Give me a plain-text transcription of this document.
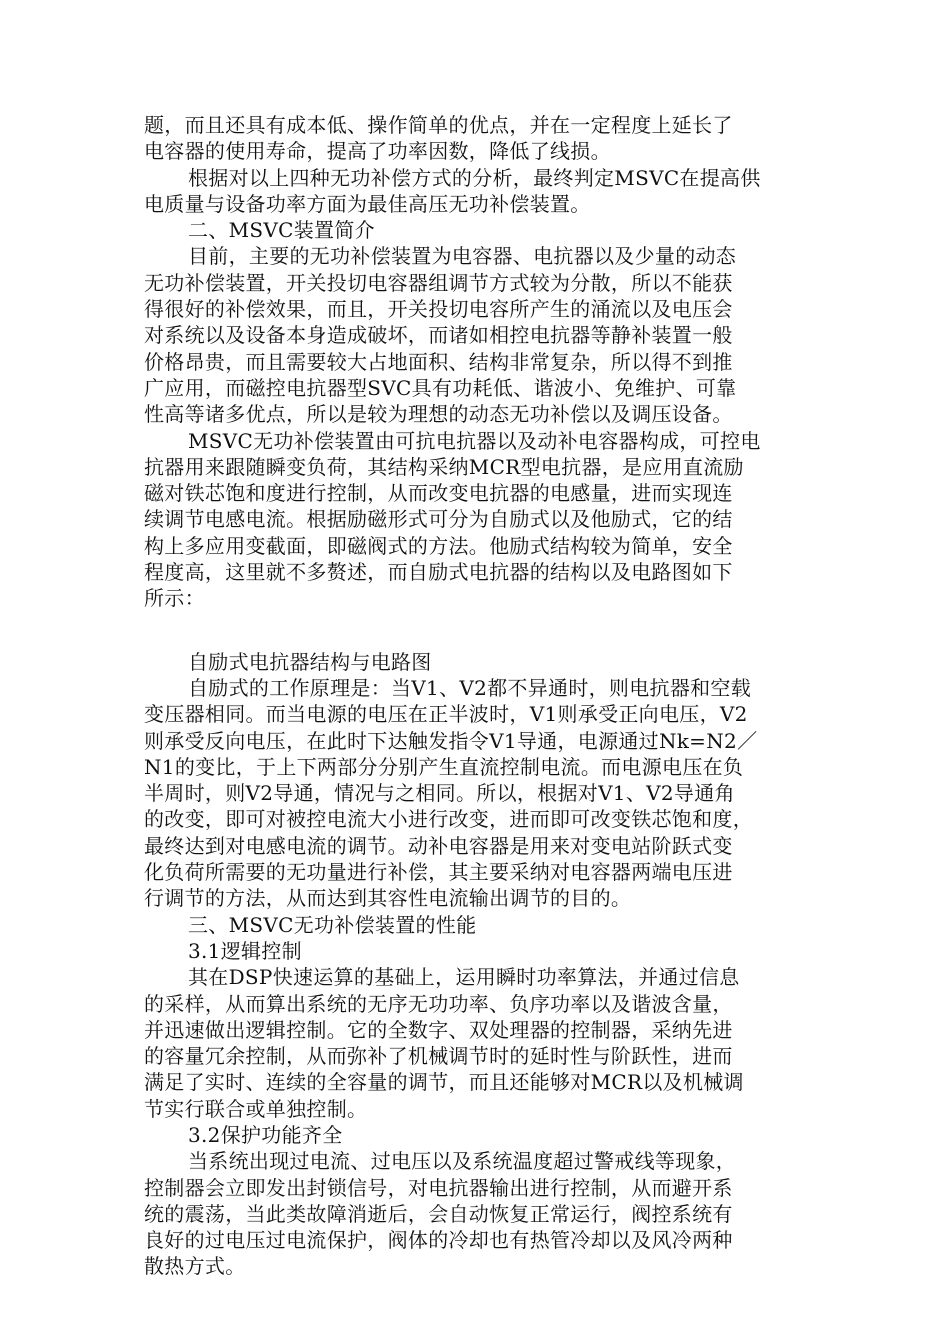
题，而且还具有成本低、操作简单的优点，并在一定程度上延长了
电容器的使用寿命，提高了功率因数，降低了线损。
根据对以上四种无功补偿方式的分析，最终判定MSVC在提高供
电质量与设备功率方面为最佳高压无功补偿装置。
二、MSVC装置简介
目前，主要的无功补偿装置为电容器、电抗器以及少量的动态
无功补偿装置，开关投切电容器组调节方式较为分散，所以不能获
得很好的补偿效果，而且，开关投切电容所产生的涌流以及电压会
对系统以及设备本身造成破坏，而诸如相控电抗器等静补装置一般
价格昂贵，而且需要较大占地面积、结构非常复杂，所以得不到推
广应用，而磁控电抗器型SVC具有功耗低、谐波小、免维护、可靠
性高等诸多优点，所以是较为理想的动态无功补偿以及调压设备。
MSVC无功补偿装置由可抗电抗器以及动补电容器构成，可控电
抗器用来跟随瞬变负荷，其结构采纳MCR型电抗器，是应用直流励
磁对铁芯饱和度进行控制，从而改变电抗器的电感量，进而实现连
续调节电感电流。根据励磁形式可分为自励式以及他励式，它的结
构上多应用变截面，即磁阀式的方法。他励式结构较为简单，安全
程度高，这里就不多赘述，而自励式电抗器的结构以及电路图如下
所示：
自励式电抗器结构与电路图
自励式的工作原理是：当V1、V2都不异通时，则电抗器和空载
变压器相同。而当电源的电压在正半波时，V1则承受正向电压，V2
则承受反向电压，在此时下达触发指令V1导通，电源通过Nk=N2／
N1的变比，于上下两部分分别产生直流控制电流。而电源电压在负
半周时，则V2导通，情况与之相同。所以，根据对V1、V2导通角
的改变，即可对被控电流大小进行改变，进而即可改变铁芯饱和度，
最终达到对电感电流的调节。动补电容器是用来对变电站阶跃式变
化负荷所需要的无功量进行补偿，其主要采纳对电容器两端电压进
行调节的方法，从而达到其容性电流输出调节的目的。
三、MSVC无功补偿装置的性能
3.1逻辑控制
其在DSP快速运算的基础上，运用瞬时功率算法，并通过信息
的采样，从而算出系统的无序无功功率、负序功率以及谐波含量，
并迅速做出逻辑控制。它的全数字、双处理器的控制器，采纳先进
的容量冗余控制，从而弥补了机械调节时的延时性与阶跃性，进而
满足了实时、连续的全容量的调节，而且还能够对MCR以及机械调
节实行联合或单独控制。
3.2保护功能齐全
当系统出现过电流、过电压以及系统温度超过警戒线等现象，
控制器会立即发出封锁信号，对电抗器输出进行控制，从而避开系
统的震荡，当此类故障消逝后，会自动恢复正常运行，阀控系统有
良好的过电压过电流保护，阀体的冷却也有热管冷却以及风冷两种
散热方式。
